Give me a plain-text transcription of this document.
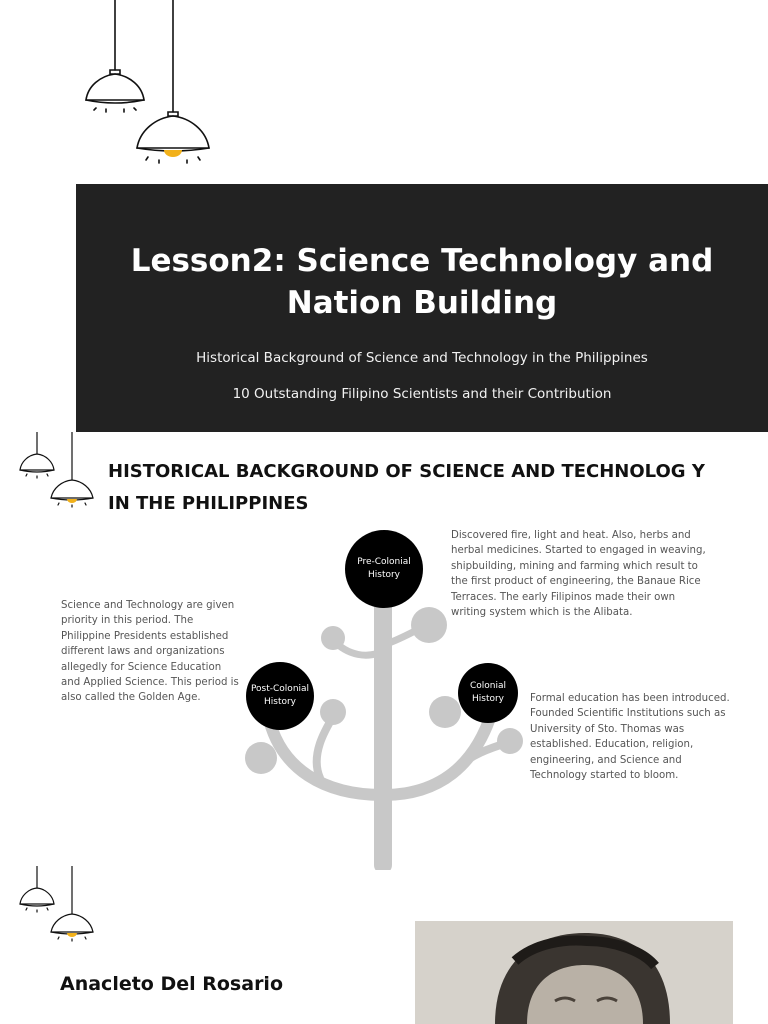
Lesson2: Science Technology and Nation Building
Historical Background of Science and Technology in the Philippines
10 Outstanding Filipino Scientists and their Contribution
HISTORICAL BACKGROUND OF SCIENCE AND TECHNOLOG Y IN THE PHILIPPINES
Pre-Colonial History
Post-Colonial History
Colonial History
Discovered fire, light and heat. Also, herbs and herbal medicines. Started to engaged in weaving, shipbuilding, mining and farming which result to the first product of engineering, the Banaue Rice Terraces. The early Filipinos made their own writing system which is the Alibata.
Science and Technology are given priority in this period. The Philippine Presidents established different laws and organizations allegedly for Science Education and Applied Science. This period is also called the Golden Age.	Formal education has been introduced. Founded Scientific Institutions such as University of Sto. Thomas was established. Education, religion, engineering, and Science and Technology started to bloom.
Anacleto Del Rosario
